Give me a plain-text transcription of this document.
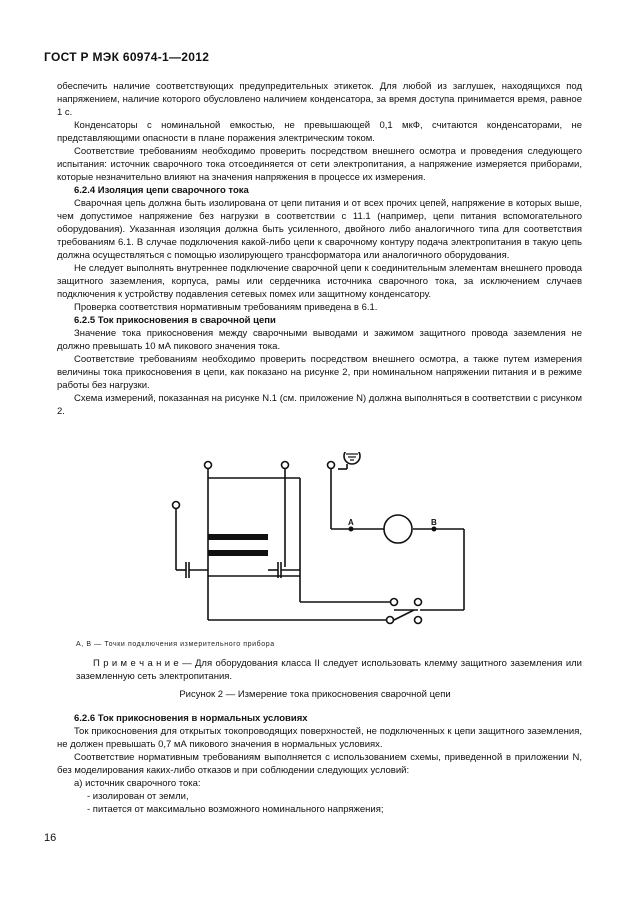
ГОСТ Р МЭК 60974-1—2012

обеспечить наличие соответствующих предупредительных этикеток. Для любой из заглушек, находящихся под напряжением, наличие которого обусловлено наличием конденсатора, за время доступа принимается время, равное 1 с.

Конденсаторы с номинальной емкостью, не превышающей 0,1 мкФ, считаются конденсаторами, не представляющими опасности в плане поражения электрическим током.

Соответствие требованиям необходимо проверить посредством внешнего осмотра и проведения следующего испытания: источник сварочного тока отсоединяется от сети электропитания, а напряжение измеряется приборами, которые незначительно влияют на значения напряжения в процессе их измерения.

6.2.4 Изоляция цепи сварочного тока

Сварочная цепь должна быть изолирована от цепи питания и от всех прочих цепей, напряжение в которых выше, чем допустимое напряжение без нагрузки в соответствии с 11.1 (например, цепи питания вспомогательного оборудования). Указанная изоляция должна быть усиленного, двойного либо аналогичного типа для соответствия требованиям 6.1. В случае подключения какой-либо цепи к сварочному контуру подача электропитания в такую цепь должна осуществляться с помощью изолирующего трансформатора или аналогичного оборудования.

Не следует выполнять внутреннее подключение сварочной цепи к соединительным элементам внешнего провода защитного заземления, корпуса, рамы или сердечника источника сварочного тока, за исключением случаев подключения к устройству подавления сетевых помех или защитному конденсатору.

Проверка соответствия нормативным требованиям приведена в 6.1.

6.2.5 Ток прикосновения в сварочной цепи

Значение тока прикосновения между сварочными выводами и зажимом защитного провода заземления не должно превышать 10 мА пикового значения тока.

Соответствие требованиям необходимо проверить посредством внешнего осмотра, а также путем измерения величины тока прикосновения в цепи, как показано на рисунке 2, при номинальном напряжении питания и в режиме работы без нагрузки.

Схема измерений, показанная на рисунке N.1 (см. приложение N) должна выполняться в соответствии с рисунком 2.

A	B
A, B — Точки подключения измерительного прибора
П р и м е ч а н и е — Для оборудования класса II следует использовать клемму защитного заземления или заземленную сеть электропитания.
Рисунок 2 — Измерение тока прикосновения сварочной цепи

6.2.6 Ток прикосновения в нормальных условиях

Ток прикосновения для открытых токопроводящих поверхностей, не подключенных к цепи защитного заземления, не должен превышать 0,7 мА пикового значения в нормальных условиях.

Соответствие нормативным требованиям выполняется с использованием схемы, приведенной в приложении N, без моделирования каких-либо отказов и при соблюдении следующих условий:

а) источник сварочного тока:

- изолирован от земли,

- питается от максимально возможного номинального напряжения;

16
